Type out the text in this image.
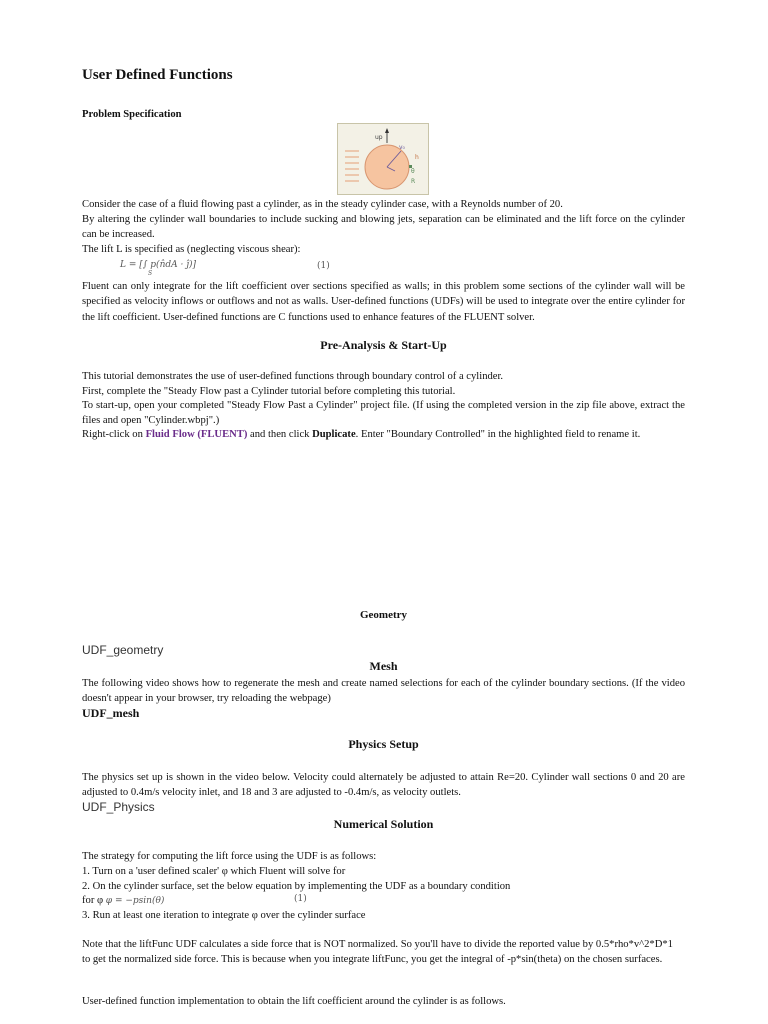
User Defined Functions
Problem Specification
up
v₀
h
θ
R
Consider the case of a fluid flowing past a cylinder, as in the steady cylinder case, with a Reynolds number of 20.
By altering the cylinder wall boundaries to include sucking and blowing jets, separation can be eliminated and the lift force on the cylinder can be increased.
The lift L is specified as (neglecting viscous shear):
L = [∫ p(n̂dA · ĵ)]
S
(1)
Fluent can only integrate for the lift coefficient over sections specified as walls; in this problem some sections of the cylinder wall will be specified as velocity inflows or outflows and not as walls. User-defined functions (UDFs) will be used to integrate over the entire cylinder for the lift coefficient. User-defined functions are C functions used to enhance features of the FLUENT solver.
Pre-Analysis & Start-Up
This tutorial demonstrates the use of user-defined functions through boundary control of a cylinder.
First, complete the "Steady Flow past a Cylinder tutorial before completing this tutorial.
To start-up, open your completed "Steady Flow Past a Cylinder" project file. (If using the completed version in the zip file above, extract the files and open "Cylinder.wbpj".)
Right-click on Fluid Flow (FLUENT) and then click Duplicate. Enter "Boundary Controlled" in the highlighted field to rename it.
Geometry
UDF_geometry
Mesh
The following video shows how to regenerate the mesh and create named selections for each of the cylinder boundary sections. (If the video doesn't appear in your browser, try reloading the webpage)
UDF_mesh
Physics Setup
The physics set up is shown in the video below. Velocity could alternately be adjusted to attain Re=20. Cylinder wall sections 0 and 20 are adjusted to 0.4m/s velocity inlet, and 18 and 3 are adjusted to -0.4m/s, as velocity outlets.
UDF_Physics
Numerical Solution
The strategy for computing the lift force using the UDF is as follows:
1. Turn on a 'user defined scaler' φ which Fluent will solve for
2. On the cylinder surface, set the below equation by implementing the UDF as a boundary condition
for φ φ = −psin(θ)	(1)
3. Run at least one iteration to integrate φ over the cylinder surface
Note that the liftFunc UDF calculates a side force that is NOT normalized. So you'll have to divide the reported value by 0.5*rho*v^2*D*1 to get the normalized side force. This is because when you integrate liftFunc, you get the integral of -p*sin(theta) on the chosen surfaces.
User-defined function implementation to obtain the lift coefficient around the cylinder is as follows.
